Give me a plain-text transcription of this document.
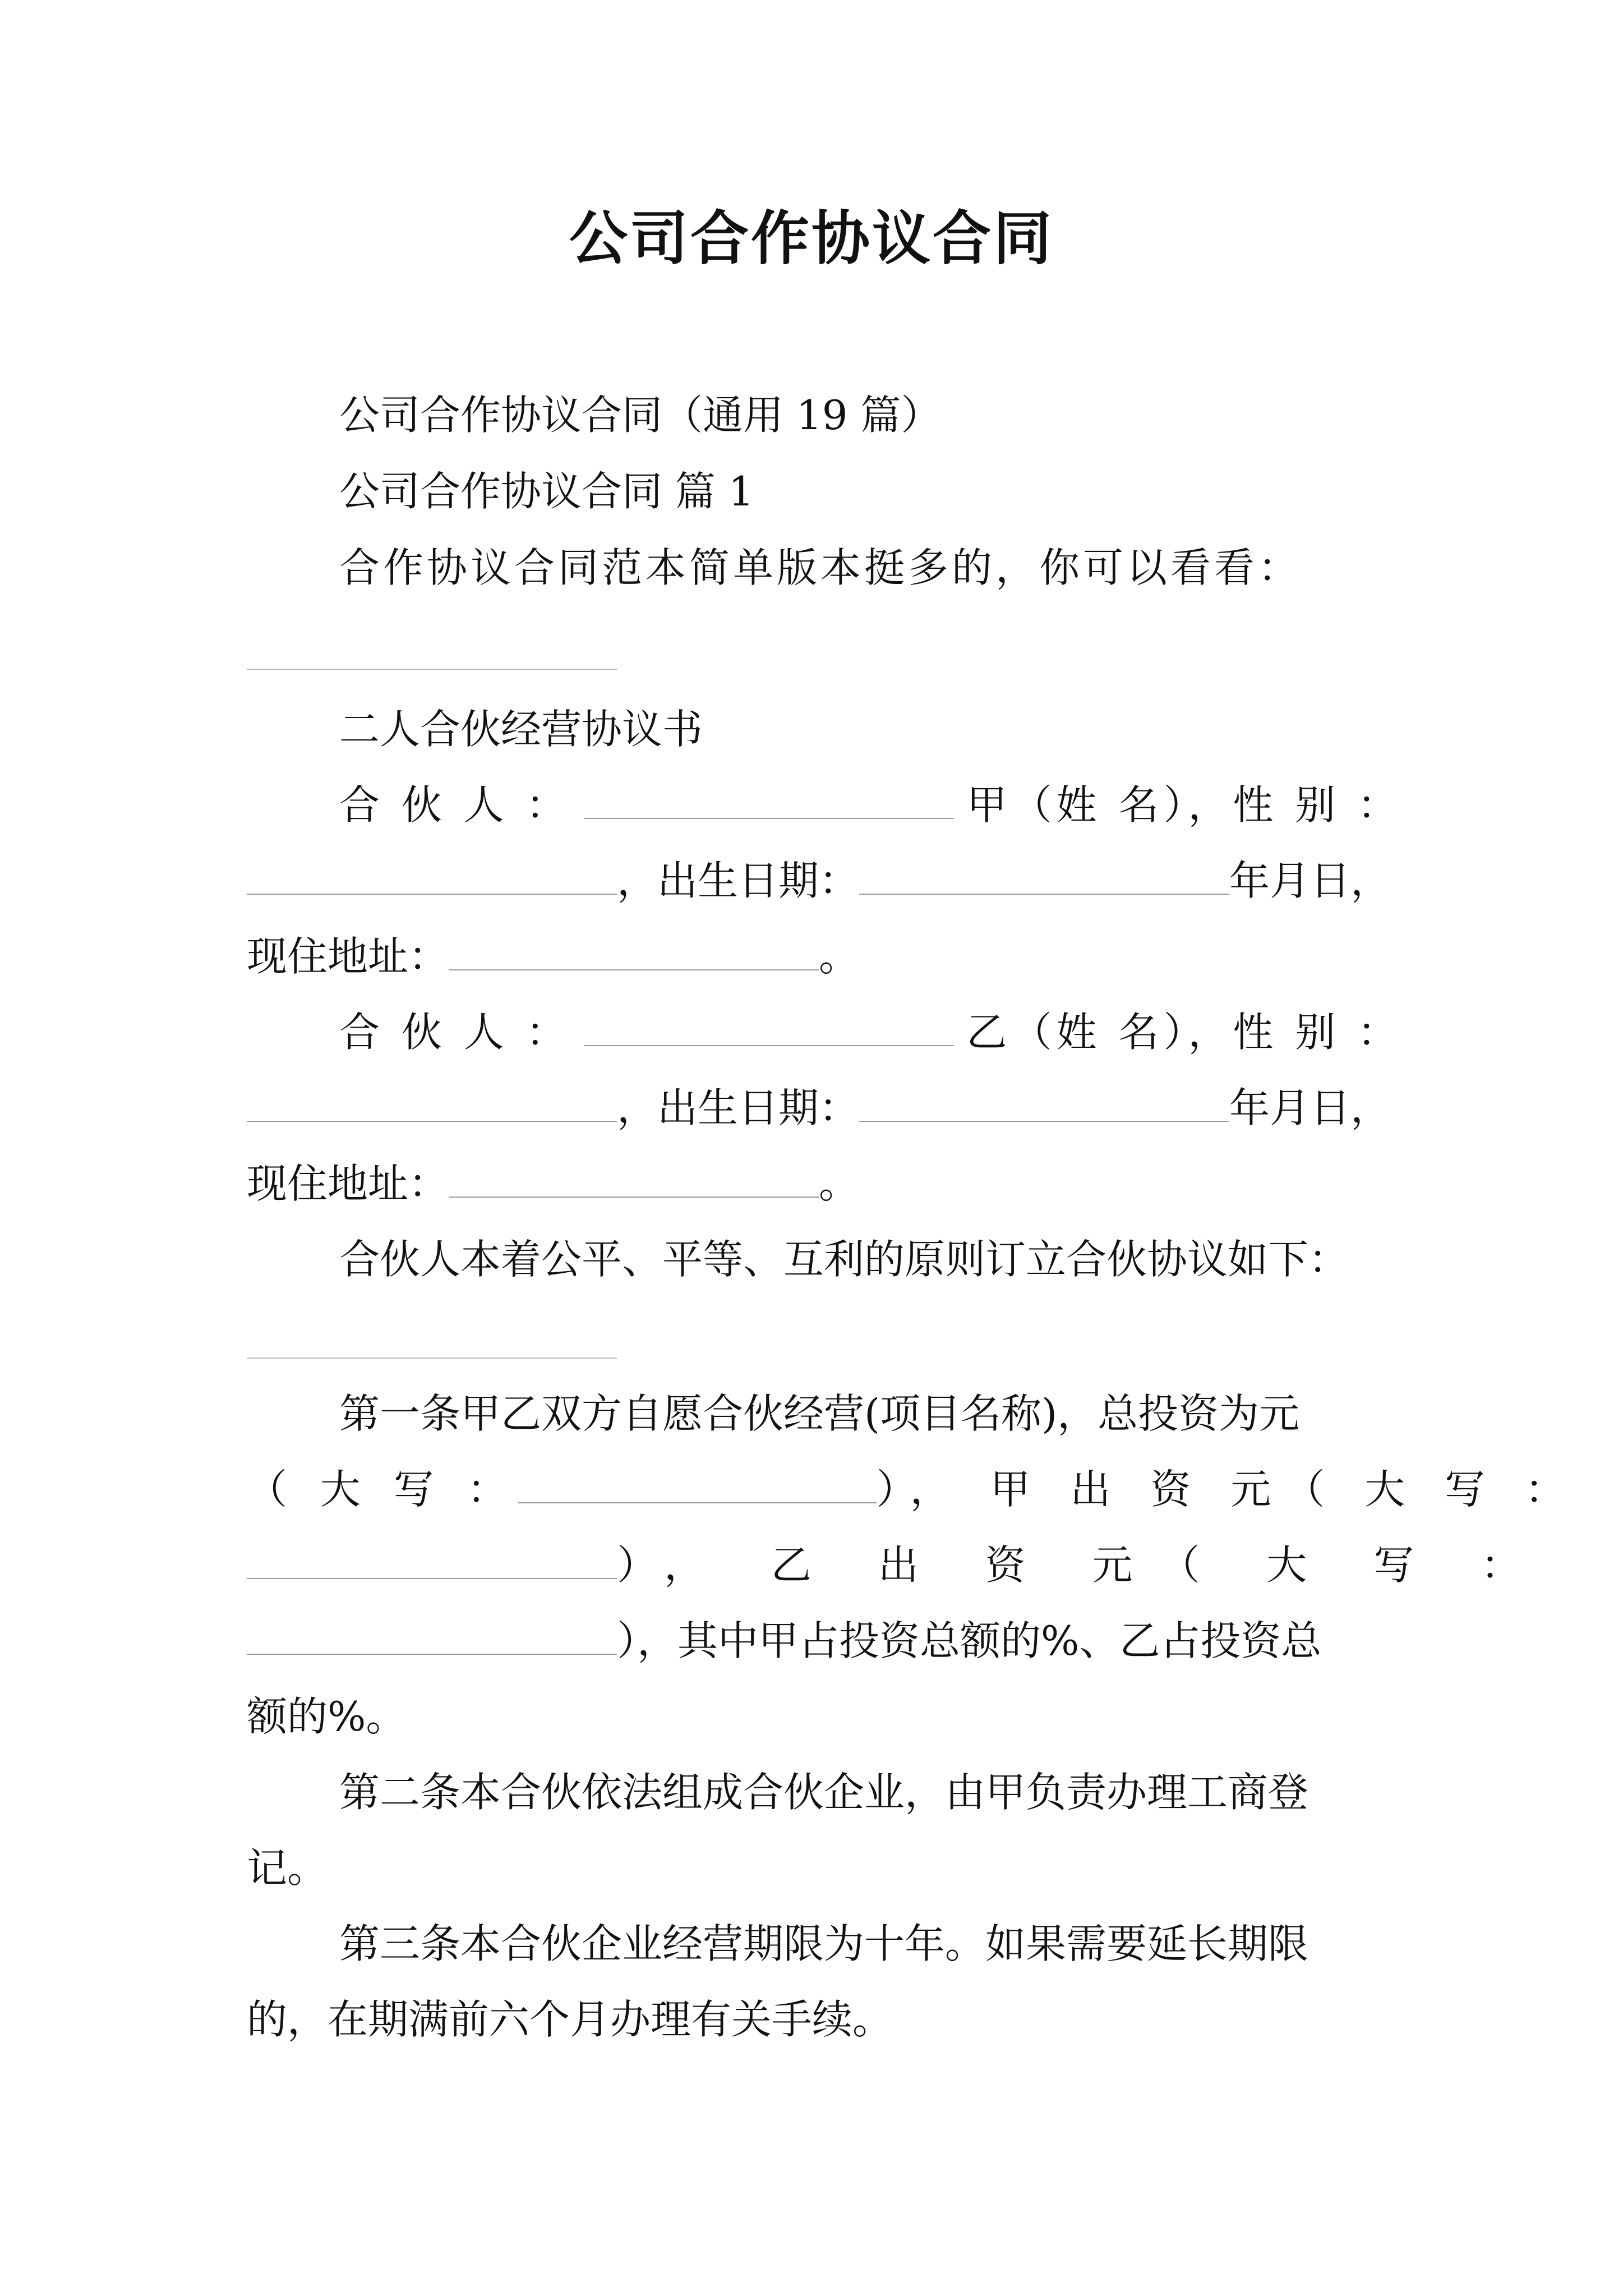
公司合作协议合同
公司合作协议合同（通用 19 篇）
公司合作协议合同 篇 1
合作协议合同范本简单版本挺多的，你可以看看：
二人合伙经营协议书
合 伙 人 ：	甲（姓 名），性 别 ：
，出生日期：	年月日，
现住地址：	。
合 伙 人 ：	乙（姓 名），性 别 ：
，出生日期：	年月日，
现住地址：	。
合伙人本着公平、平等、互利的原则订立合伙协议如下：
第一条甲乙双方自愿合伙经营(项目名称)，总投资为元
（ 大 写 ：	）， 甲 出 资 元（ 大 写 ：
）， 乙 出 资 元（ 大 写 ：
），其中甲占投资总额的%、乙占投资总
额的%。
第二条本合伙依法组成合伙企业，由甲负责办理工商登
记。
第三条本合伙企业经营期限为十年。如果需要延长期限
的，在期满前六个月办理有关手续。
